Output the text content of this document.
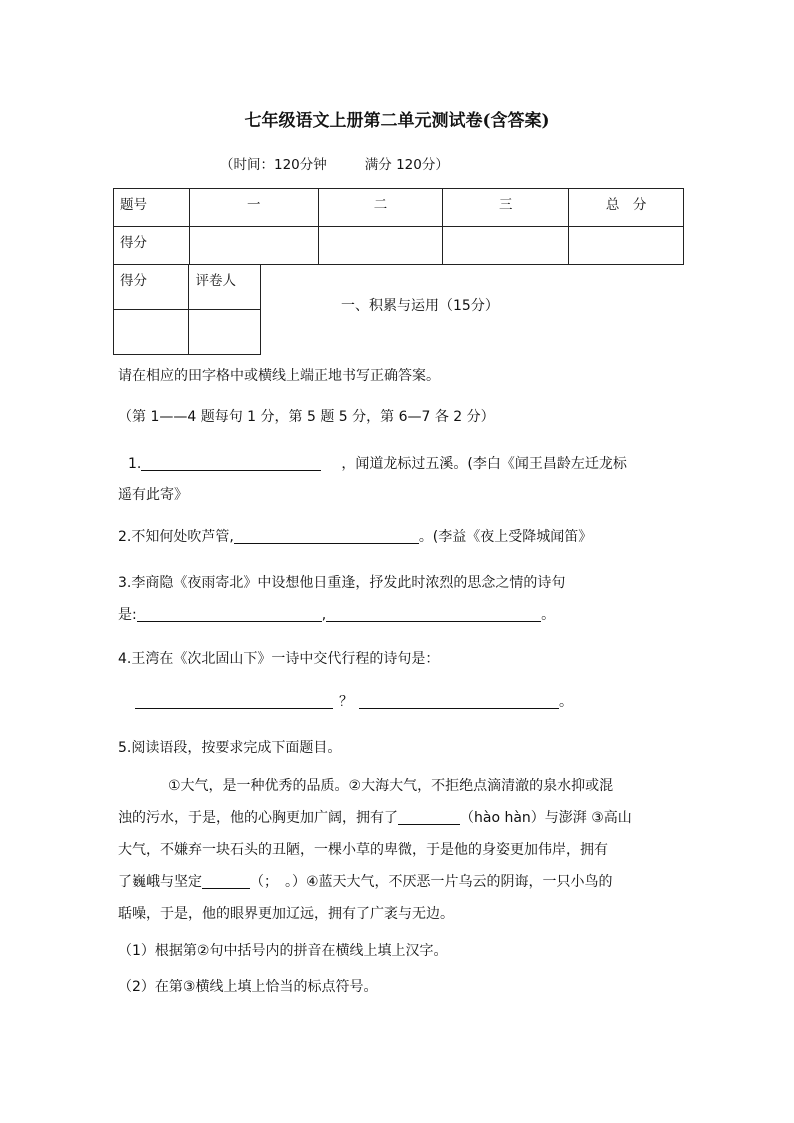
七年级语文上册第二单元测试卷(含答案)
（时间：120分钟	满分 120分）
题号	一	二	三	总　分
得分				
得分	评卷人

一、积累与运用（15分）
请在相应的田字格中或横线上端正地书写正确答案。
（第 1——4 题每句 1 分，第 5 题 5 分，第 6—7 各 2 分）
1.	，闻道龙标过五溪。(李白《闻王昌龄左迁龙标
遥有此寄》
2.不知何处吹芦管,	。(李益《夜上受降城闻笛》
3.李商隐《夜雨寄北》中设想他日重逢，抒发此时浓烈的思念之情的诗句
是:	,	。
4.王湾在《次北固山下》一诗中交代行程的诗句是：
？	。
5.阅读语段，按要求完成下面题目。
①大气，是一种优秀的品质。②大海大气，不拒绝点滴清澈的泉水抑或混
浊的污水，于是，他的心胸更加广阔，拥有了	（hào hàn）与澎湃 ③高山
大气，不嫌弃一块石头的丑陋，一棵小草的卑微，于是他的身姿更加伟岸，拥有
了巍峨与坚定	（；　。）④蓝天大气，不厌恶一片乌云的阴诲，一只小鸟的
聒噪，于是，他的眼界更加辽远，拥有了广袤与无边。
（1）根据第②句中括号内的拼音在横线上填上汉字。
（2）在第③横线上填上恰当的标点符号。
